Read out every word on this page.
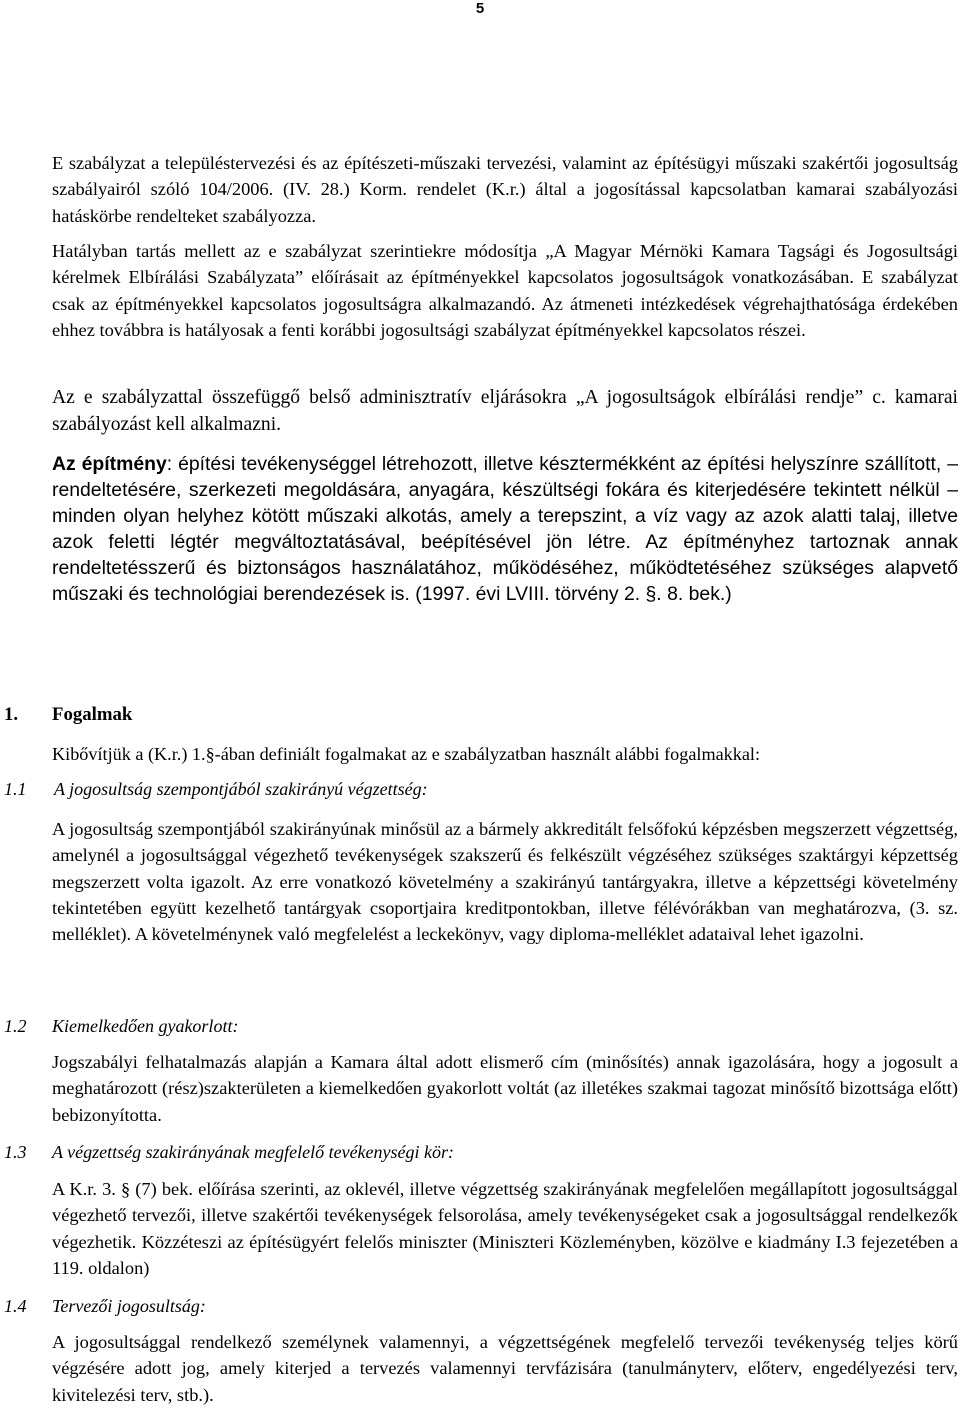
5

E szabályzat a településtervezési és az építészeti-műszaki tervezési, valamint az építésügyi műszaki szakértői jogosultság szabályairól szóló 104/2006. (IV. 28.) Korm. rendelet (K.r.) által a jogosítással kapcsolatban kamarai szabályozási hatáskörbe rendelteket szabályozza.

Hatályban tartás mellett az e szabályzat szerintiekre módosítja „A Magyar Mérnöki Kamara Tagsági és Jogosultsági kérelmek Elbírálási Szabályzata” előírásait az építményekkel kapcsolatos jogosultságok vonatkozásában. E szabályzat csak az építményekkel kapcsolatos jogosultságra alkalmazandó. Az átmeneti intézkedések végrehajthatósága érdekében ehhez továbbra is hatályosak a fenti korábbi jogosultsági szabályzat építményekkel kapcsolatos részei.

Az e szabályzattal összefüggő belső adminisztratív eljárásokra „A jogosultságok elbírálási rendje” c. kamarai szabályozást kell alkalmazni.

Az építmény: építési tevékenységgel létrehozott, illetve késztermékként az építési helyszínre szállított, – rendeltetésére, szerkezeti megoldására, anyagára, készültségi fokára és kiterjedésére tekintett nélkül – minden olyan helyhez kötött műszaki alkotás, amely a terepszint, a víz vagy az azok alatti talaj, illetve azok feletti légtér megváltoztatásával, beépítésével jön létre. Az építményhez tartoznak annak rendeltetésszerű és biztonságos használatához, működéséhez, működtetéséhez szükséges alapvető műszaki és technológiai berendezések is. (1997. évi LVIII. törvény 2. §. 8. bek.)

1. Fogalmak

Kibővítjük a (K.r.) 1.§-ában definiált fogalmakat az e szabályzatban használt alábbi fogalmakkal:

1.1 A jogosultság szempontjából szakirányú végzettség:

A jogosultság szempontjából szakirányúnak minősül az a bármely akkreditált felsőfokú képzésben megszerzett végzettség, amelynél a jogosultsággal végezhető tevékenységek szakszerű és felkészült végzéséhez szükséges szaktárgyi képzettség megszerzett volta igazolt. Az erre vonatkozó követelmény a szakirányú tantárgyakra, illetve a képzettségi követelmény tekintetében együtt kezelhető tantárgyak csoportjaira kreditpontokban, illetve félévórákban van meghatározva, (3. sz. melléklet). A követelménynek való megfelelést a leckekönyv, vagy diploma-melléklet adataival lehet igazolni.

1.2 Kiemelkedően gyakorlott:

Jogszabályi felhatalmazás alapján a Kamara által adott elismerő cím (minősítés) annak igazolására, hogy a jogosult a meghatározott (rész)szakterületen a kiemelkedően gyakorlott voltát (az illetékes szakmai tagozat minősítő bizottsága előtt) bebizonyította.

1.3 A végzettség szakirányának megfelelő tevékenységi kör:

A K.r. 3. § (7) bek. előírása szerinti, az oklevél, illetve végzettség szakirányának megfelelően megállapított jogosultsággal végezhető tervezői, illetve szakértői tevékenységek felsorolása, amely tevékenységeket csak a jogosultsággal rendelkezők végezhetik. Közzéteszi az építésügyért felelős miniszter (Miniszteri Közleményben, közölve e kiadmány I.3 fejezetében a 119. oldalon)

1.4 Tervezői jogosultság:

A jogosultsággal rendelkező személynek valamennyi, a végzettségének megfelelő tervezői tevékenység teljes körű végzésére adott jog, amely kiterjed a tervezés valamennyi tervfázisára (tanulmányterv, előterv, engedélyezési terv, kivitelezési terv, stb.).
